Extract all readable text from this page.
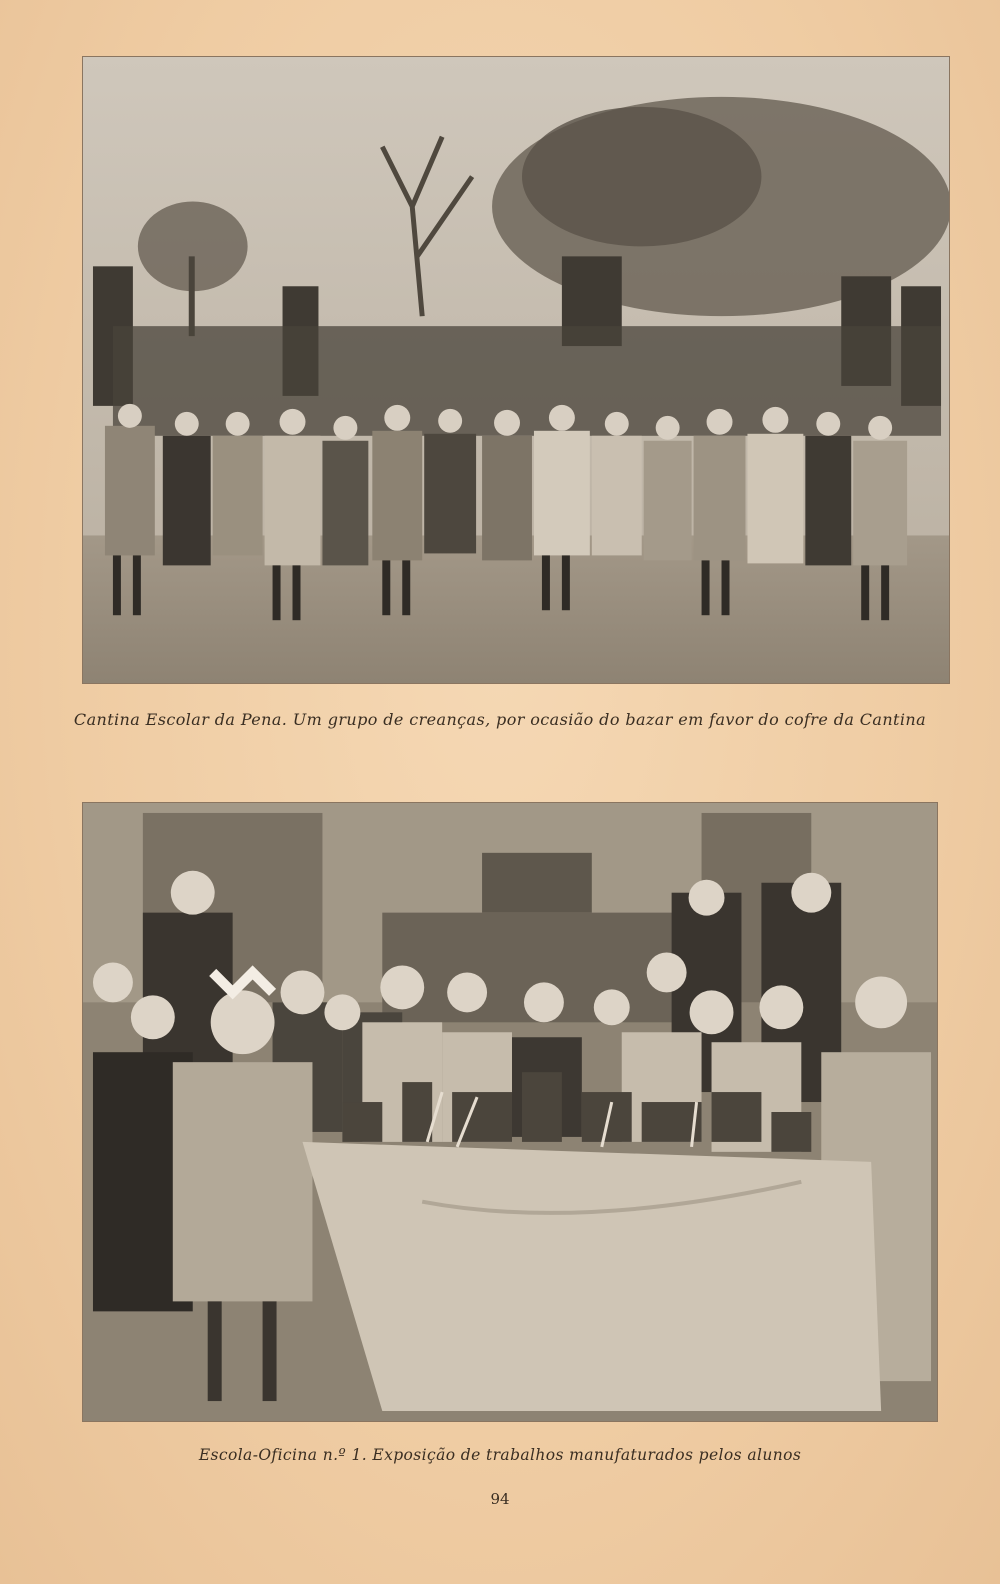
Cantina Escolar da Pena. Um grupo de creanças, por ocasião do bazar em favor do cofre da Cantina
Escola-Oficina n.º 1. Exposição de trabalhos manufaturados pelos alunos
94
